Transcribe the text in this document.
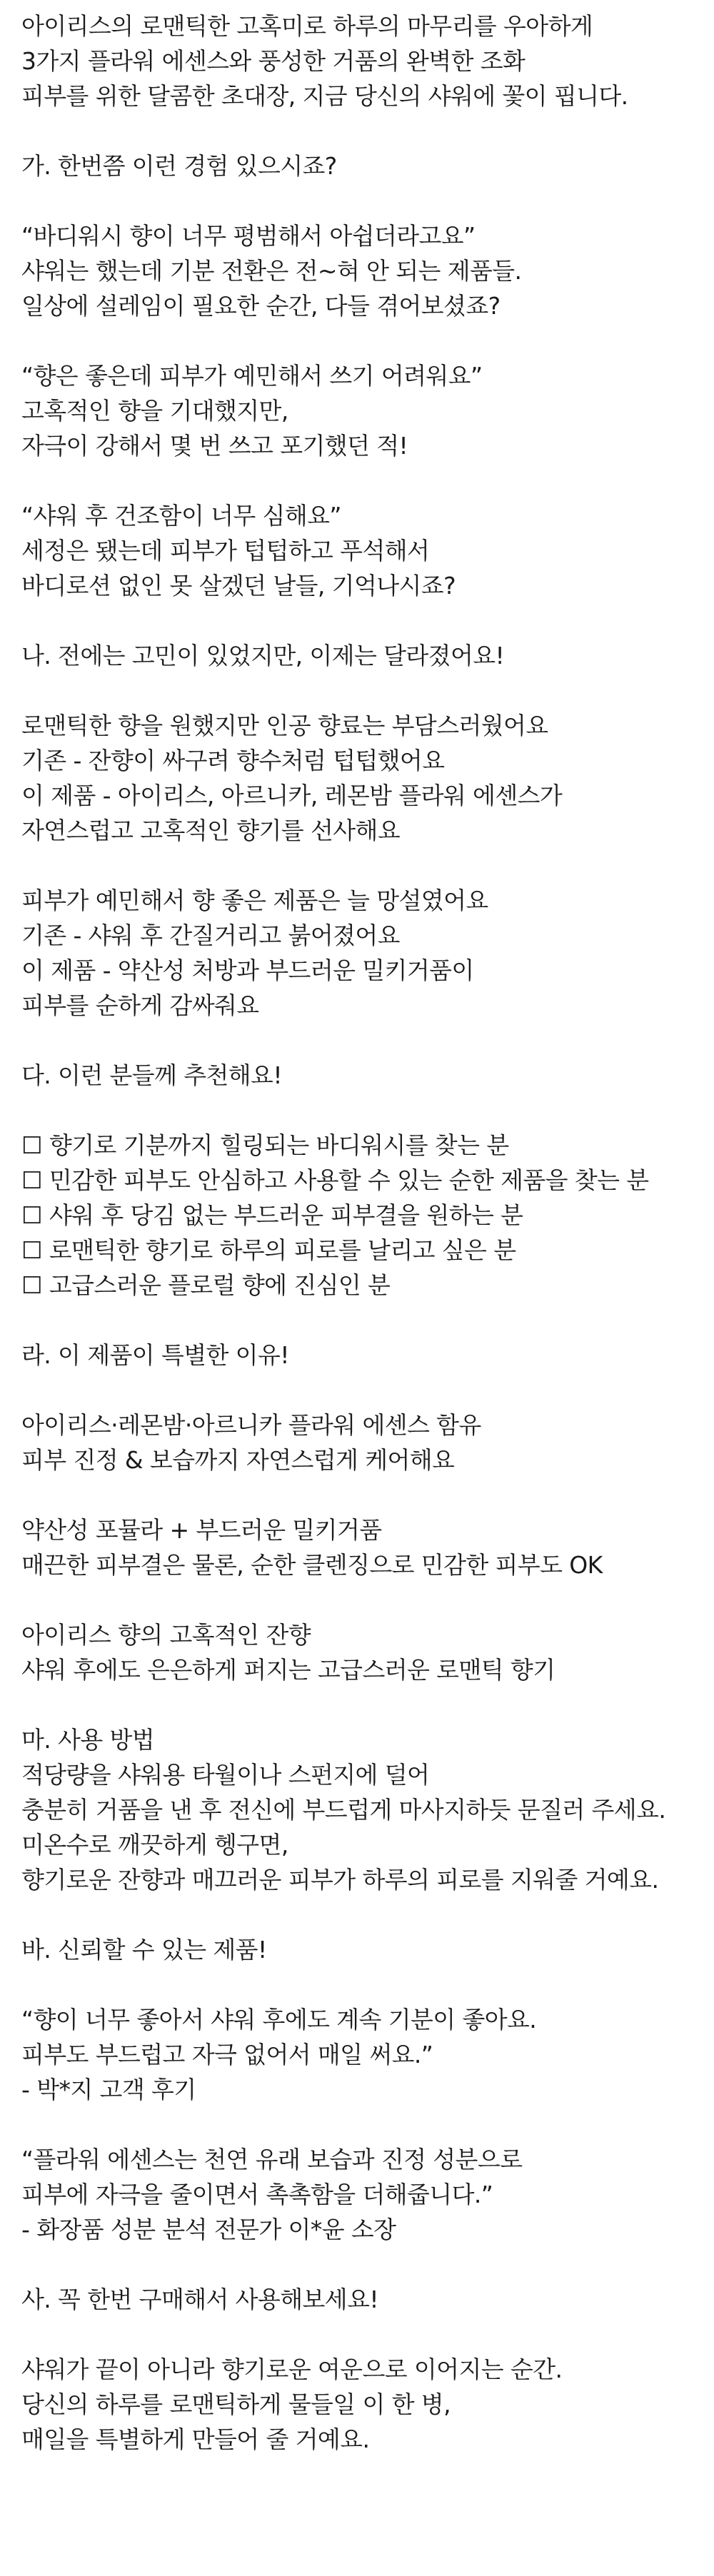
아이리스의 로맨틱한 고혹미로 하루의 마무리를 우아하게

3가지 플라워 에센스와 풍성한 거품의 완벽한 조화

피부를 위한 달콤한 초대장, 지금 당신의 샤워에 꽃이 핍니다.

가. 한번쯤 이런 경험 있으시죠?

“바디워시 향이 너무 평범해서 아쉽더라고요”

샤워는 했는데 기분 전환은 전~혀 안 되는 제품들.

일상에 설레임이 필요한 순간, 다들 겪어보셨죠?

“향은 좋은데 피부가 예민해서 쓰기 어려워요”

고혹적인 향을 기대했지만,

자극이 강해서 몇 번 쓰고 포기했던 적!

“샤워 후 건조함이 너무 심해요”

세정은 됐는데 피부가 텁텁하고 푸석해서

바디로션 없인 못 살겠던 날들, 기억나시죠?

나. 전에는 고민이 있었지만, 이제는 달라졌어요!

로맨틱한 향을 원했지만 인공 향료는 부담스러웠어요

기존 - 잔향이 싸구려 향수처럼 텁텁했어요

이 제품 - 아이리스, 아르니카, 레몬밤 플라워 에센스가

자연스럽고 고혹적인 향기를 선사해요

피부가 예민해서 향 좋은 제품은 늘 망설였어요

기존 - 샤워 후 간질거리고 붉어졌어요

이 제품 - 약산성 처방과 부드러운 밀키거품이

피부를 순하게 감싸줘요

다. 이런 분들께 추천해요!

☐ 향기로 기분까지 힐링되는 바디워시를 찾는 분

☐ 민감한 피부도 안심하고 사용할 수 있는 순한 제품을 찾는 분

☐ 샤워 후 당김 없는 부드러운 피부결을 원하는 분

☐ 로맨틱한 향기로 하루의 피로를 날리고 싶은 분

☐ 고급스러운 플로럴 향에 진심인 분

라. 이 제품이 특별한 이유!

아이리스·레몬밤·아르니카 플라워 에센스 함유

피부 진정 & 보습까지 자연스럽게 케어해요

약산성 포뮬라 + 부드러운 밀키거품

매끈한 피부결은 물론, 순한 클렌징으로 민감한 피부도 OK

아이리스 향의 고혹적인 잔향

샤워 후에도 은은하게 퍼지는 고급스러운 로맨틱 향기

마. 사용 방법

적당량을 샤워용 타월이나 스펀지에 덜어

충분히 거품을 낸 후 전신에 부드럽게 마사지하듯 문질러 주세요.

미온수로 깨끗하게 헹구면,

향기로운 잔향과 매끄러운 피부가 하루의 피로를 지워줄 거예요.

바. 신뢰할 수 있는 제품!

“향이 너무 좋아서 샤워 후에도 계속 기분이 좋아요.

피부도 부드럽고 자극 없어서 매일 써요.”

- 박*지 고객 후기

“플라워 에센스는 천연 유래 보습과 진정 성분으로

피부에 자극을 줄이면서 촉촉함을 더해줍니다.”

- 화장품 성분 분석 전문가 이*윤 소장

사. 꼭 한번 구매해서 사용해보세요!

샤워가 끝이 아니라 향기로운 여운으로 이어지는 순간.

당신의 하루를 로맨틱하게 물들일 이 한 병,

매일을 특별하게 만들어 줄 거예요.
